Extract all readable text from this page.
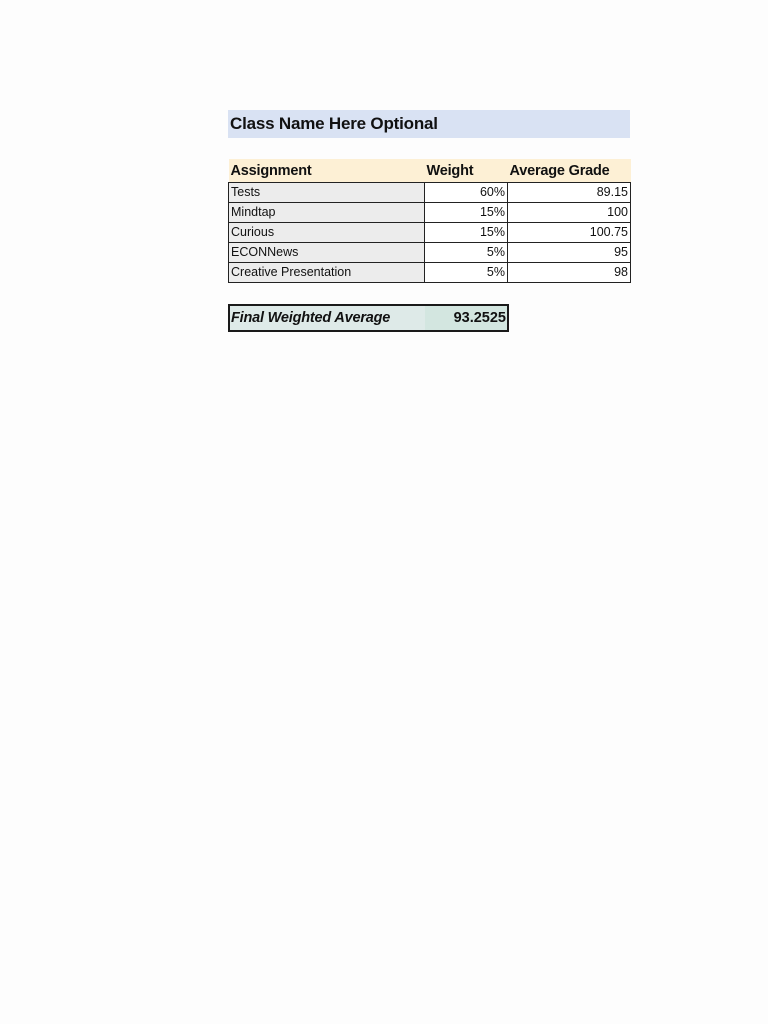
Class Name Here Optional
Assignment	Weight	Average Grade
Tests	60%	89.15
Mindtap	15%	100
Curious	15%	100.75
ECONNews	5%	95
Creative Presentation	5%	98
Final Weighted Average	93.2525
